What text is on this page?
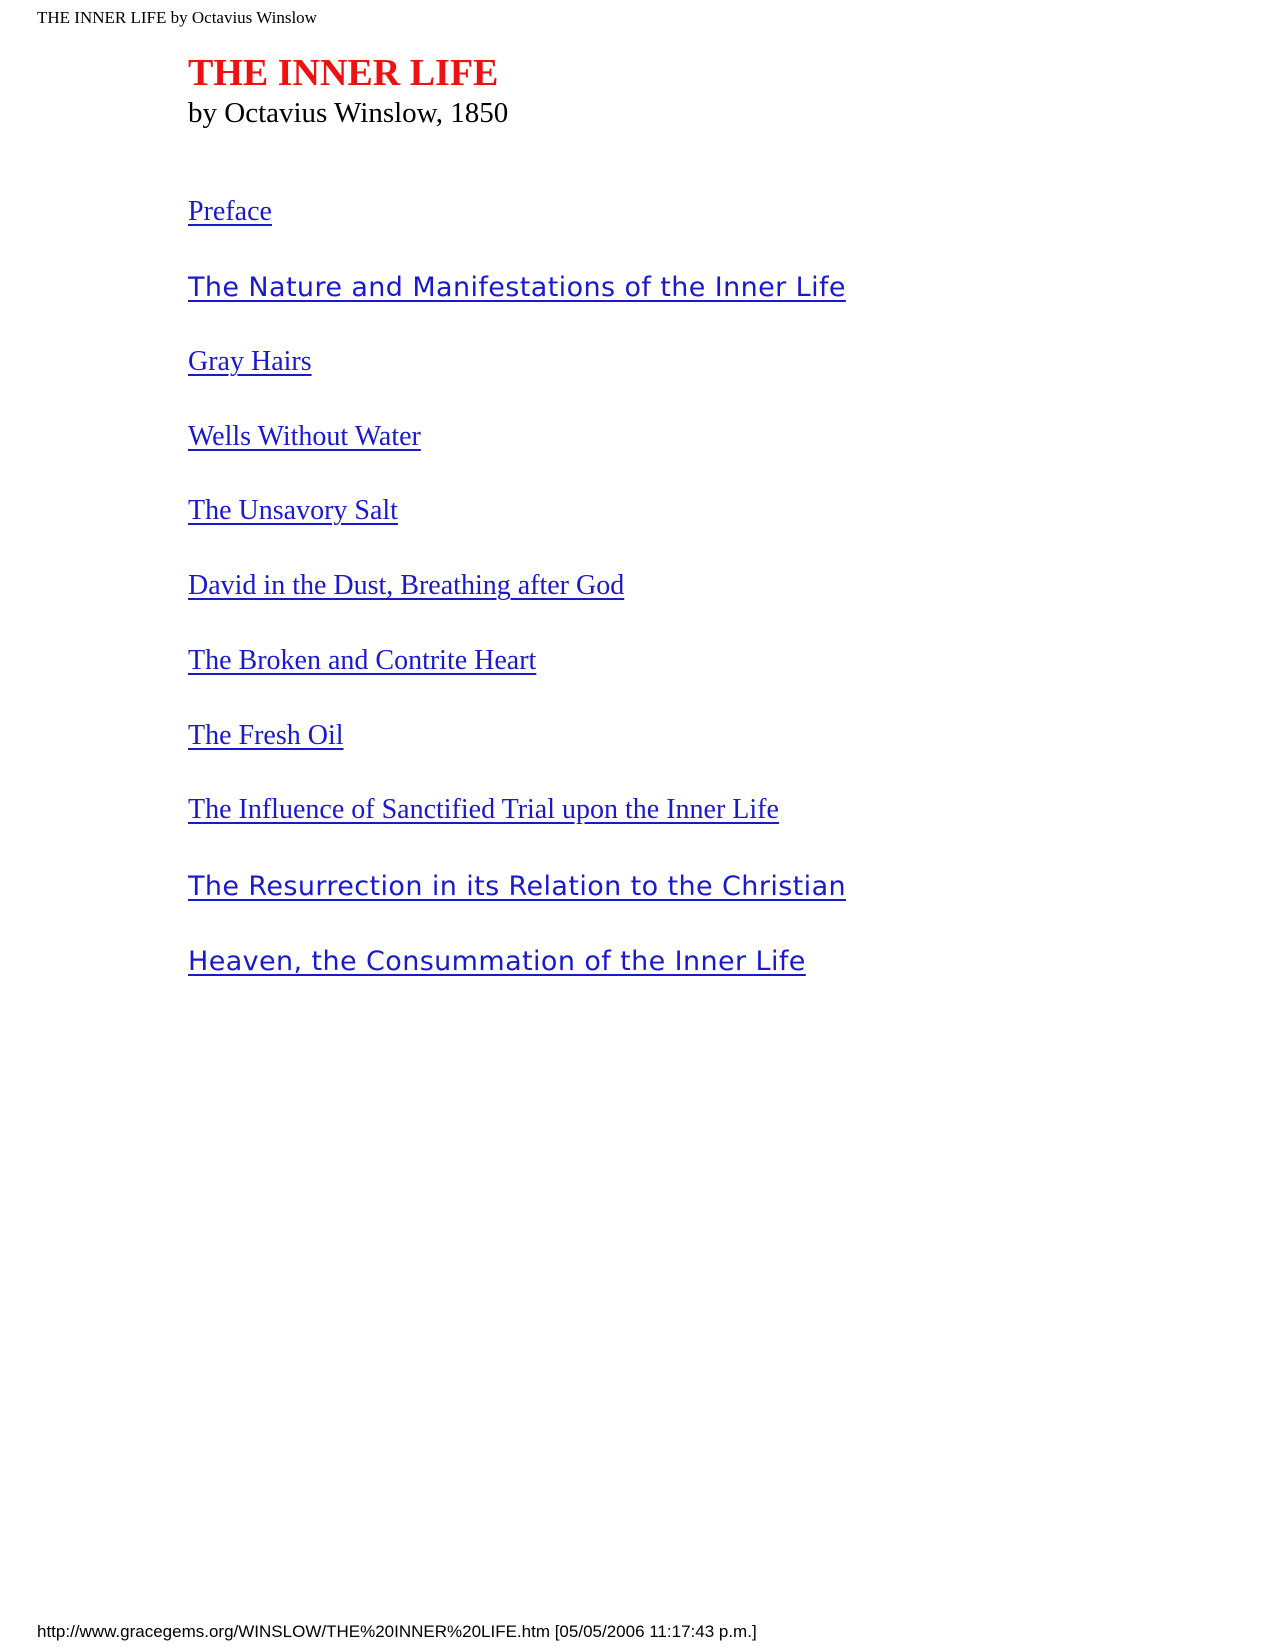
THE INNER LIFE by Octavius Winslow
THE INNER LIFE
by Octavius Winslow, 1850
Preface
The Nature and Manifestations of the Inner Life
Gray Hairs
Wells Without Water
The Unsavory Salt
David in the Dust, Breathing after God
The Broken and Contrite Heart
The Fresh Oil
The Influence of Sanctified Trial upon the Inner Life
The Resurrection in its Relation to the Christian
Heaven, the Consummation of the Inner Life
http://www.gracegems.org/WINSLOW/THE%20INNER%20LIFE.htm [05/05/2006 11:17:43 p.m.]
